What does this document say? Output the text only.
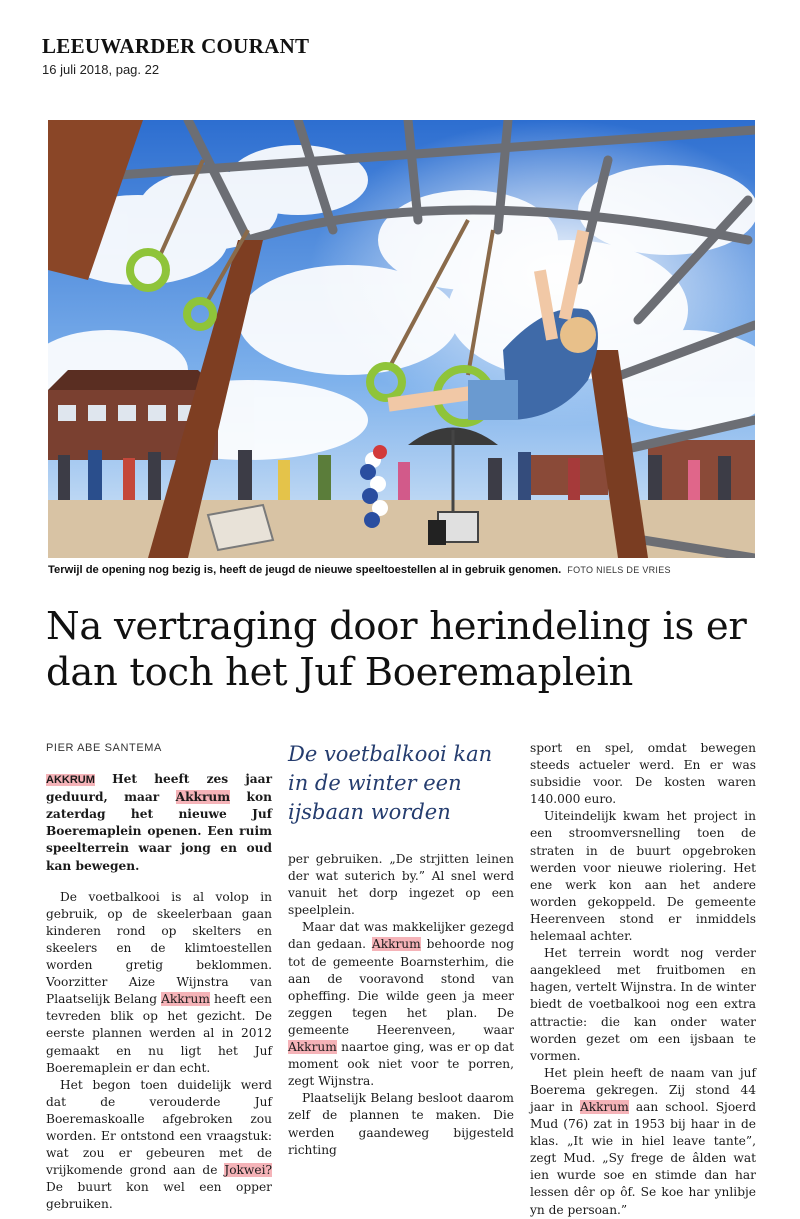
LEEUWARDER COURANT
16 juli 2018, pag. 22
Terwijl de opening nog bezig is, heeft de jeugd de nieuwe speeltoestellen al in gebruik genomen. FOTO NIELS DE VRIES
Na vertraging door herindeling is er dan toch het Juf Boeremaplein
PIER ABE SANTEMA

AKKRUM Het heeft zes jaar geduurd, maar Akkrum kon zaterdag het nieuwe Juf Boeremaplein openen. Een ruim speelterrein waar jong en oud kan bewegen.

De voetbalkooi is al volop in gebruik, op de skeelerbaan gaan kinderen rond op skelters en skeelers en de klimtoestellen worden gretig beklommen. Voorzitter Aize Wijnstra van Plaatselijk Belang Akkrum heeft een tevreden blik op het gezicht. De eerste plannen werden al in 2012 gemaakt en nu ligt het Juf Boeremaplein er dan echt.

Het begon toen duidelijk werd dat de verouderde Juf Boeremaskoalle afgebroken zou worden. Er ontstond een vraagstuk: wat zou er gebeuren met de vrijkomende grond aan de Jokwei? De buurt kon wel een opper gebruiken.

De voetbalkooi kan in de winter een ijsbaan worden

per gebruiken. „De strjitten leinen der wat suterich by.” Al snel werd vanuit het dorp ingezet op een speelplein.

Maar dat was makkelijker gezegd dan gedaan. Akkrum behoorde nog tot de gemeente Boarnsterhim, die aan de vooravond stond van opheffing. Die wilde geen ja meer zeggen tegen het plan. De gemeente Heerenveen, waar Akkrum naartoe ging, was er op dat moment ook niet voor te porren, zegt Wijnstra.

Plaatselijk Belang besloot daarom zelf de plannen te maken. Die werden gaandeweg bijgesteld richting

sport en spel, omdat bewegen steeds actueler werd. En er was subsidie voor. De kosten waren 140.000 euro.

Uiteindelijk kwam het project in een stroomversnelling toen de straten in de buurt opgebroken werden voor nieuwe riolering. Het ene werk kon aan het andere worden gekoppeld. De gemeente Heerenveen stond er inmiddels helemaal achter.

Het terrein wordt nog verder aangekleed met fruitbomen en hagen, vertelt Wijnstra. In de winter biedt de voetbalkooi nog een extra attractie: die kan onder water worden gezet om een ijsbaan te vormen.

Het plein heeft de naam van juf Boerema gekregen. Zij stond 44 jaar in Akkrum aan school. Sjoerd Mud (76) zat in 1953 bij haar in de klas. „It wie in hiel leave tante”, zegt Mud. „Sy frege de âlden wat ien wurde soe en stimde dan har lessen dêr op ôf. Se koe har ynlibje yn de persoan.”
